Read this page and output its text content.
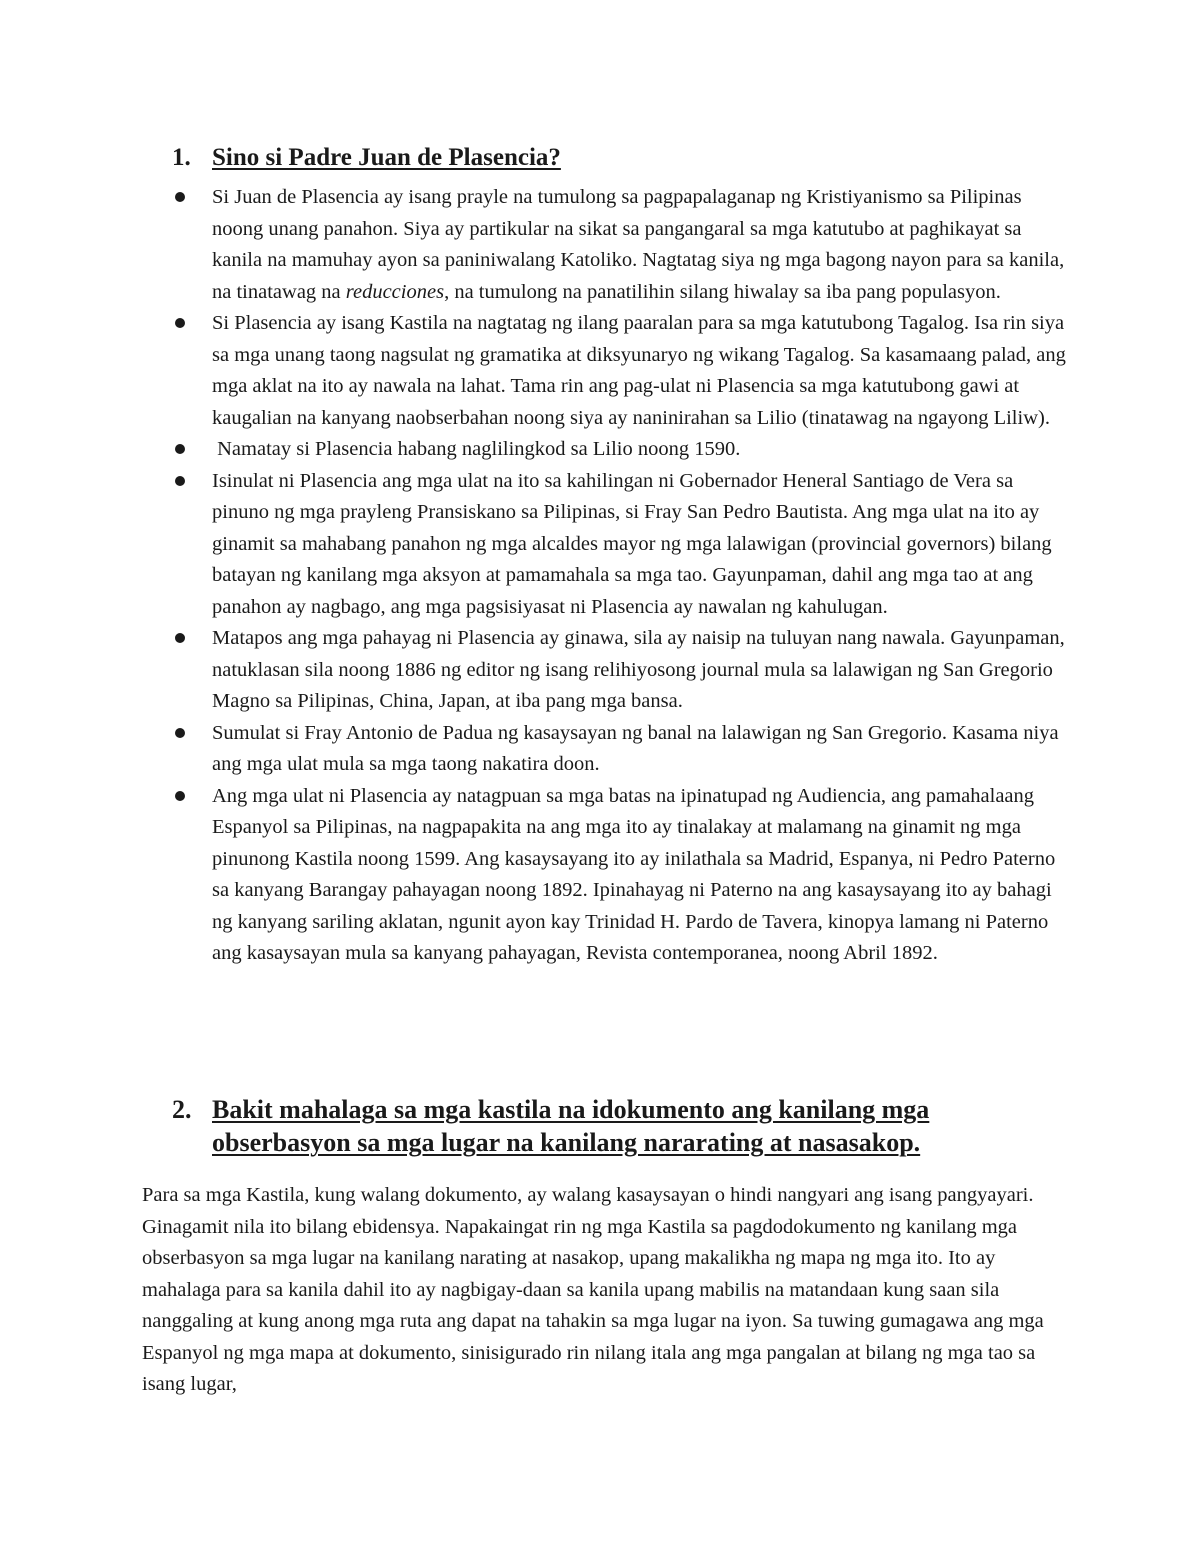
1. Sino si Padre Juan de Plasencia?
Si Juan de Plasencia ay isang prayle na tumulong sa pagpapalaganap ng Kristiyanismo sa Pilipinas noong unang panahon. Siya ay partikular na sikat sa pangangaral sa mga katutubo at paghikayat sa kanila na mamuhay ayon sa paniniwalang Katoliko. Nagtatag siya ng mga bagong nayon para sa kanila, na tinatawag na reducciones, na tumulong na panatilihin silang hiwalay sa iba pang populasyon.
Si Plasencia ay isang Kastila na nagtatag ng ilang paaralan para sa mga katutubong Tagalog. Isa rin siya sa mga unang taong nagsulat ng gramatika at diksyunaryo ng wikang Tagalog. Sa kasamaang palad, ang mga aklat na ito ay nawala na lahat. Tama rin ang pag-ulat ni Plasencia sa mga katutubong gawi at kaugalian na kanyang naobserbahan noong siya ay naninirahan sa Lilio (tinatawag na ngayong Liliw).
Namatay si Plasencia habang naglilingkod sa Lilio noong 1590.
Isinulat ni Plasencia ang mga ulat na ito sa kahilingan ni Gobernador Heneral Santiago de Vera sa pinuno ng mga prayleng Pransiskano sa Pilipinas, si Fray San Pedro Bautista. Ang mga ulat na ito ay ginamit sa mahabang panahon ng mga alcaldes mayor ng mga lalawigan (provincial governors) bilang batayan ng kanilang mga aksyon at pamamahala sa mga tao. Gayunpaman, dahil ang mga tao at ang panahon ay nagbago, ang mga pagsisiyasat ni Plasencia ay nawalan ng kahulugan.
Matapos ang mga pahayag ni Plasencia ay ginawa, sila ay naisip na tuluyan nang nawala. Gayunpaman, natuklasan sila noong 1886 ng editor ng isang relihiyosong journal mula sa lalawigan ng San Gregorio Magno sa Pilipinas, China, Japan, at iba pang mga bansa.
Sumulat si Fray Antonio de Padua ng kasaysayan ng banal na lalawigan ng San Gregorio. Kasama niya ang mga ulat mula sa mga taong nakatira doon.
Ang mga ulat ni Plasencia ay natagpuan sa mga batas na ipinatupad ng Audiencia, ang pamahalaang Espanyol sa Pilipinas, na nagpapakita na ang mga ito ay tinalakay at malamang na ginamit ng mga pinunong Kastila noong 1599. Ang kasaysayang ito ay inilathala sa Madrid, Espanya, ni Pedro Paterno sa kanyang Barangay pahayagan noong 1892. Ipinahayag ni Paterno na ang kasaysayang ito ay bahagi ng kanyang sariling aklatan, ngunit ayon kay Trinidad H. Pardo de Tavera, kinopya lamang ni Paterno ang kasaysayan mula sa kanyang pahayagan, Revista contemporanea, noong Abril 1892.
2. Bakit mahalaga sa mga kastila na idokumento ang kanilang mga obserbasyon sa mga lugar na kanilang nararating at nasasakop.

Para sa mga Kastila, kung walang dokumento, ay walang kasaysayan o hindi nangyari ang isang pangyayari. Ginagamit nila ito bilang ebidensya. Napakaingat rin ng mga Kastila sa pagdodokumento ng kanilang mga obserbasyon sa mga lugar na kanilang narating at nasakop, upang makalikha ng mapa ng mga ito. Ito ay mahalaga para sa kanila dahil ito ay nagbigay-daan sa kanila upang mabilis na matandaan kung saan sila nanggaling at kung anong mga ruta ang dapat na tahakin sa mga lugar na iyon. Sa tuwing gumagawa ang mga Espanyol ng mga mapa at dokumento, sinisigurado rin nilang itala ang mga pangalan at bilang ng mga tao sa isang lugar,
